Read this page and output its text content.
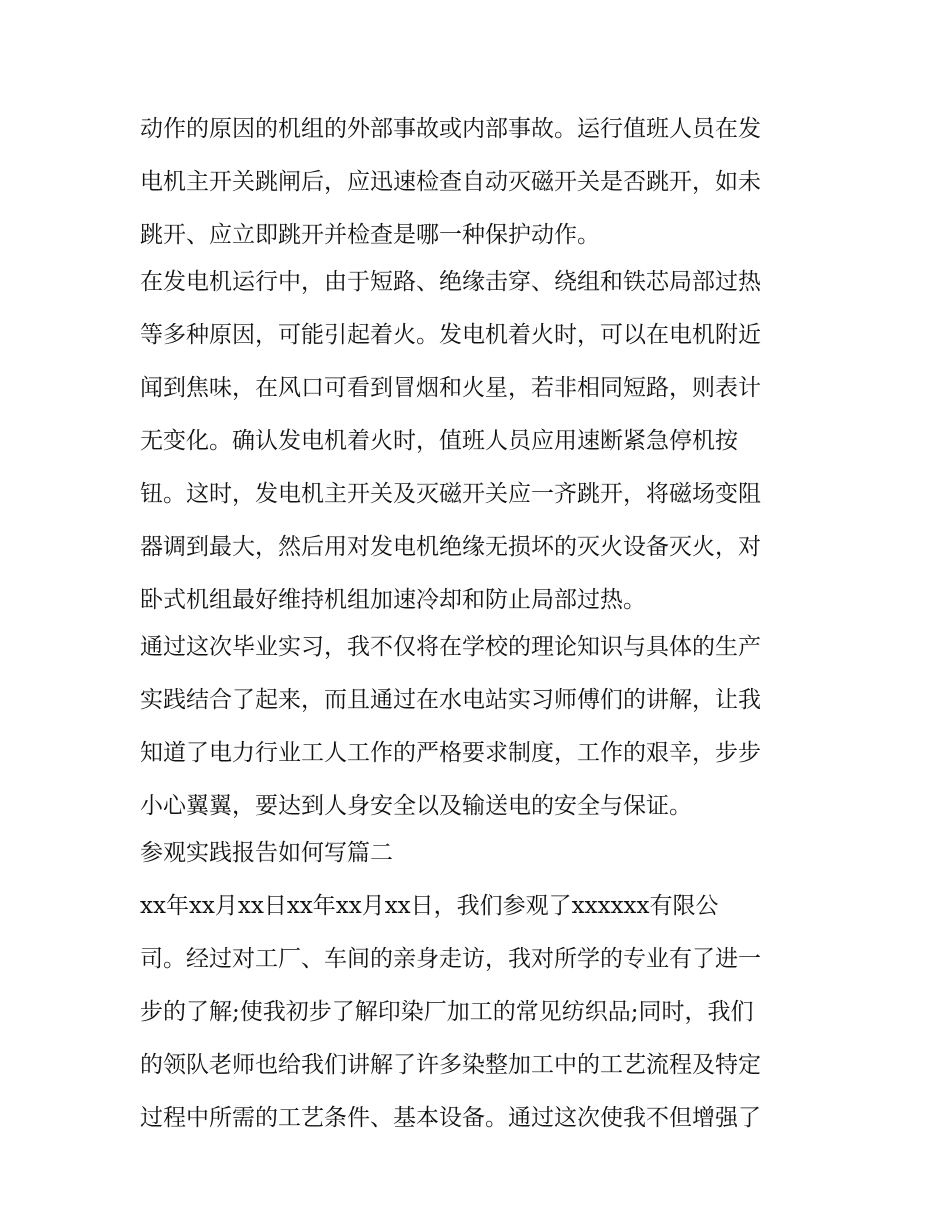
动作的原因的机组的外部事故或内部事故。运行值班人员在发
电机主开关跳闸后，应迅速检查自动灭磁开关是否跳开，如未
跳开、应立即跳开并检查是哪一种保护动作。
在发电机运行中，由于短路、绝缘击穿、绕组和铁芯局部过热
等多种原因，可能引起着火。发电机着火时，可以在电机附近
闻到焦味，在风口可看到冒烟和火星，若非相同短路，则表计
无变化。确认发电机着火时，值班人员应用速断紧急停机按
钮。这时，发电机主开关及灭磁开关应一齐跳开，将磁场变阻
器调到最大，然后用对发电机绝缘无损坏的灭火设备灭火，对
卧式机组最好维持机组加速冷却和防止局部过热。
通过这次毕业实习，我不仅将在学校的理论知识与具体的生产
实践结合了起来，而且通过在水电站实习师傅们的讲解，让我
知道了电力行业工人工作的严格要求制度，工作的艰辛，步步
小心翼翼，要达到人身安全以及输送电的安全与保证。
参观实践报告如何写篇二
xx年xx月xx日xx年xx月xx日，我们参观了xxxxxx有限公
司。经过对工厂、车间的亲身走访，我对所学的专业有了进一
步的了解;使我初步了解印染厂加工的常见纺织品;同时，我们
的领队老师也给我们讲解了许多染整加工中的工艺流程及特定
过程中所需的工艺条件、基本设备。通过这次使我不但增强了
